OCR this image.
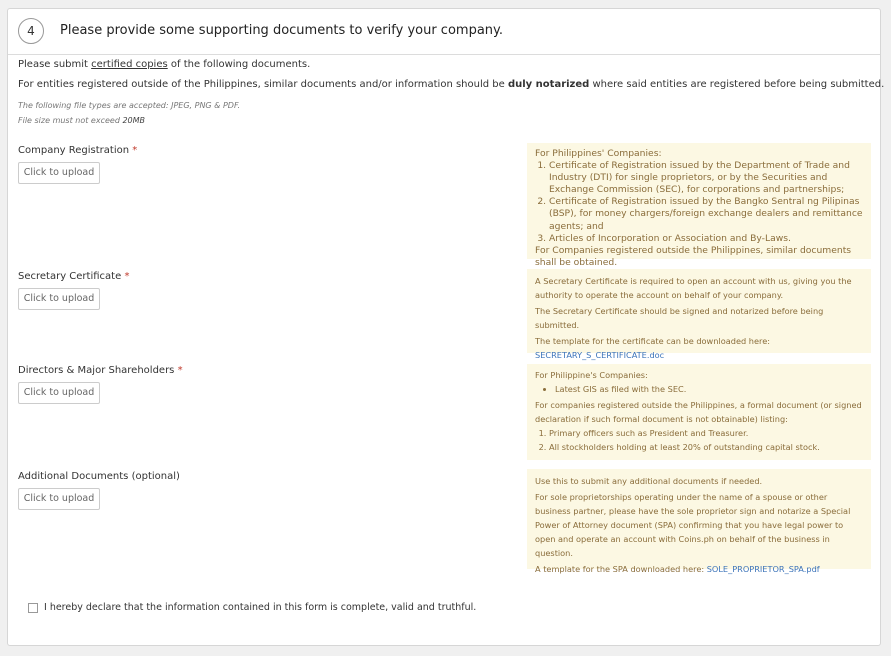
4	Please provide some supporting documents to verify your company.
Please submit certified copies of the following documents.
For entities registered outside of the Philippines, similar documents and/or information should be duly notarized where said entities are registered before being submitted.
The following file types are accepted: JPEG, PNG & PDF.
File size must not exceed 20MB
Company Registration *
Click to upload

For Philippines' Companies:

1. Certificate of Registration issued by the Department of Trade and Industry (DTI) for single proprietors, or by the Securities and Exchange Commission (SEC), for corporations and partnerships;
2. Certificate of Registration issued by the Bangko Sentral ng Pilipinas (BSP), for money chargers/foreign exchange dealers and remittance agents; and
3. Articles of Incorporation or Association and By-Laws.

For Companies registered outside the Philippines, similar documents shall be obtained.

Secretary Certificate *
Click to upload

A Secretary Certificate is required to open an account with us, giving you the authority to operate the account on behalf of your company.

The Secretary Certificate should be signed and notarized before being submitted.

The template for the certificate can be downloaded here:

SECRETARY_S_CERTIFICATE.doc

Directors & Major Shareholders *
Click to upload

For Philippine's Companies:

• Latest GIS as filed with the SEC.

For companies registered outside the Philippines, a formal document (or signed declaration if such formal document is not obtainable) listing:

1. Primary officers such as President and Treasurer.
2. All stockholders holding at least 20% of outstanding capital stock.
Additional Documents (optional)
Click to upload

Use this to submit any additional documents if needed.

For sole proprietorships operating under the name of a spouse or other business partner, please have the sole proprietor sign and notarize a Special Power of Attorney document (SPA) confirming that you have legal power to open and operate an account with Coins.ph on behalf of the business in question.

A template for the SPA downloaded here: SOLE_PROPRIETOR_SPA.pdf

I hereby declare that the information contained in this form is complete, valid and truthful.
